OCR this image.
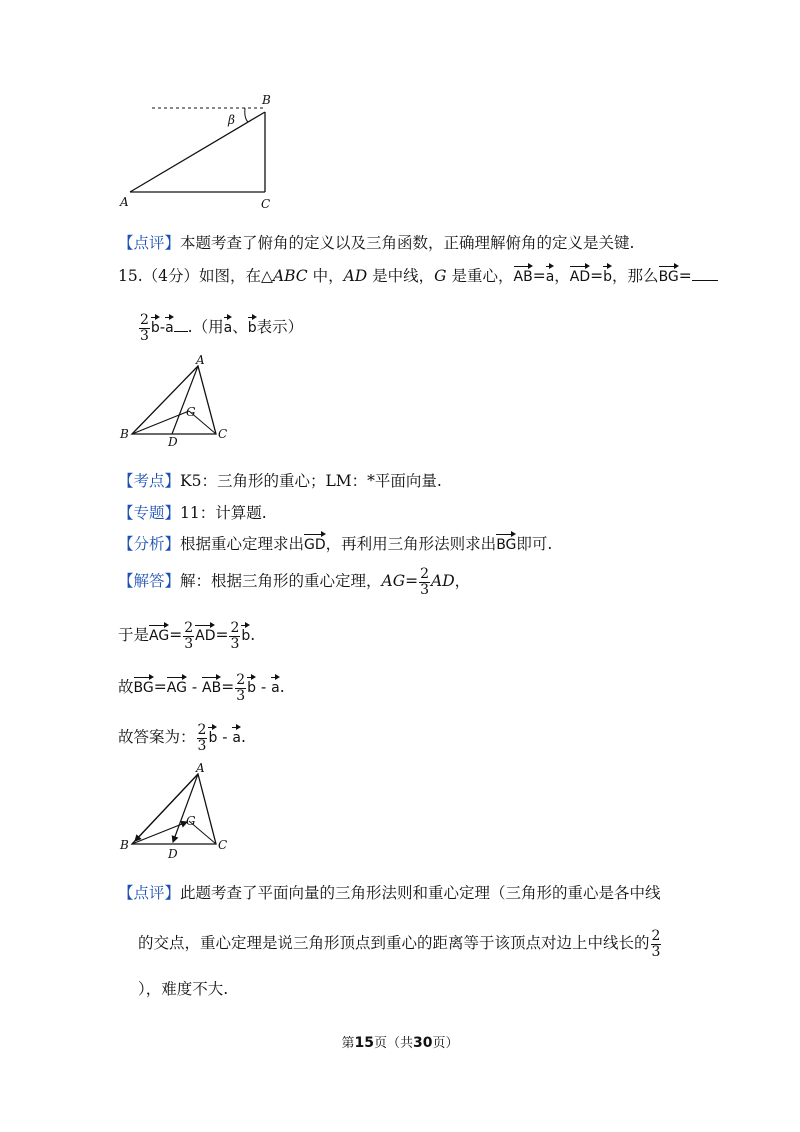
B
β
A	C
【点评】本题考查了俯角的定义以及三角函数，正确理解俯角的定义是关键.
15.（4分）如图，在△ABC 中，AD 是中线，G 是重心，AB=a，AD=b，那么BG=
$\frac{2}{3} b-a$ .（用a、b表示）
A
B	C
D
G
【考点】K5：三角形的重心；LM：*平面向量.
【专题】11：计算题.
【分析】根据重心定理求出GD，再利用三角形法则求出BG即可.
【解答】解：根据三角形的重心定理，$AG= \frac{2}{3}$ AD，
于是$AG= \frac{2}{3} AD= \frac{2}{3} b$.
故$BG=AG - AB= \frac{2}{3}$ b - a.
故答案为： $\frac{2}{3}$ b - a.
A
B	C
D
G
【点评】此题考查了平面向量的三角形法则和重心定理（三角形的重心是各中线
的交点，重心定理是说三角形顶点到重心的距离等于该顶点对边上中线长的 $\frac{2}{3}$
），难度不大.
第15页（共30页）
